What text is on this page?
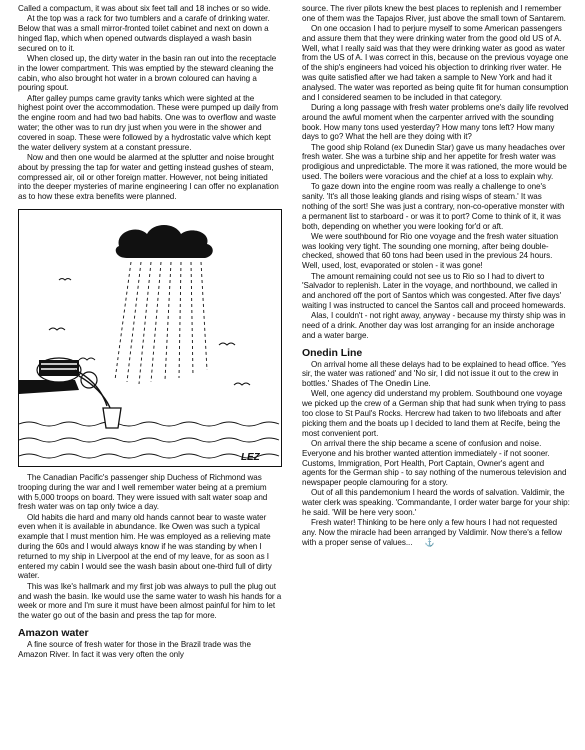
Called a compactum, it was about six feet tall and 18 inches or so wide.

At the top was a rack for two tumblers and a carafe of drinking water. Below that was a small mirror-fronted toilet cabinet and next on down a hinged flap, which when opened outwards displayed a wash basin secured on to it.

When closed up, the dirty water in the basin ran out into the receptacle in the lower compartment. This was emptied by the steward cleaning the cabin, who also brought hot water in a brown coloured can having a pouring spout.

After galley pumps came gravity tanks which were sighted at the highest point over the accommodation. These were pumped up daily from the engine room and had two bad habits. One was to overflow and waste water; the other was to run dry just when you were in the shower and covered in soap. These were followed by a hydrostatic valve which kept the water delivery system at a constant pressure.

Now and then one would be alarmed at the splutter and noise brought about by pressing the tap for water and getting instead gushes of steam, compressed air, oil or other foreign matter. However, not being initiated into the deeper mysteries of marine engineering I can offer no explanation as to how these extra benefits were planned.

LEZ

The Canadian Pacific's passenger ship Duchess of Richmond was trooping during the war and I well remember water being at a premium with 5,000 troops on board. They were issued with salt water soap and fresh water was on tap only twice a day.

Old habits die hard and many old hands cannot bear to waste water even when it is available in abundance. Ike Owen was such a typical example that I must mention him. He was employed as a relieving mate during the 60s and I would always know if he was standing by when I returned to my ship in Liverpool at the end of my leave, for as soon as I entered my cabin I would see the wash basin about one-third full of dirty water.

This was Ike's hallmark and my first job was always to pull the plug out and wash the basin. Ike would use the same water to wash his hands for a week or more and I'm sure it must have been almost painful for him to let the water go out of the basin and press the tap for more.

Amazon water

A fine source of fresh water for those in the Brazil trade was the Amazon River. In fact it was very often the only

source. The river pilots knew the best places to replenish and I remember one of them was the Tapajos River, just above the small town of Santarem.

On one occasion I had to perjure myself to some American passengers and assure them that they were drinking water from the good old US of A. Well, what I really said was that they were drinking water as good as water from the US of A. I was correct in this, because on the previous voyage one of the ship's engineers had voiced his objection to drinking river water. He was quite satisfied after we had taken a sample to New York and had it analysed. The water was reported as being quite fit for human consumption and I considered seamen to be included in that category.

During a long passage with fresh water problems one's daily life revolved around the awful moment when the carpenter arrived with the sounding book. How many tons used yesterday? How many tons left? How many days to go? What the hell are they doing with it?

The good ship Roland (ex Dunedin Star) gave us many headaches over fresh water. She was a turbine ship and her appetite for fresh water was prodigious and unpredictable. The more it was rationed, the more would be used. The boilers were voracious and the chief at a loss to explain why.

To gaze down into the engine room was really a challenge to one's sanity. 'It's all those leaking glands and rising wisps of steam.' It was nothing of the sort! She was just a contrary, non-co-operative monster with a permanent list to starboard - or was it to port? Come to think of it, it was both, depending on whether you were looking for'd or aft.

We were southbound for Rio one voyage and the fresh water situation was looking very tight. The sounding one morning, after being double-checked, showed that 60 tons had been used in the previous 24 hours. Well, used, lost, evaporated or stolen - it was gone!

The amount remaining could not see us to Rio so I had to divert to 'Salvador to replenish. Later in the voyage, and northbound, we called in and anchored off the port of Santos which was congested. After five days' waiting I was instructed to cancel the Santos call and proceed homewards.

Alas, I couldn't - not right away, anyway - because my thirsty ship was in need of a drink. Another day was lost arranging for an inside anchorage and a water barge.

Onedin Line

On arrival home all these delays had to be explained to head office. 'Yes sir, the water was rationed' and 'No sir, I did not issue it out to the crew in bottles.' Shades of The Onedin Line.

Well, one agency did understand my problem. Southbound one voyage we picked up the crew of a German ship that had sunk when trying to pass too close to St Paul's Rocks. Hercrew had taken to two lifeboats and after picking them and the boats up I decided to land them at Recife, being the most convenient port.

On arrival there the ship became a scene of confusion and noise. Everyone and his brother wanted attention immediately - if not sooner. Customs, Immigration, Port Health, Port Captain, Owner's agent and agents for the German ship - to say nothing of the numerous television and newspaper people clamouring for a story.

Out of all this pandemonium I heard the words of salvation. Valdimir, the water clerk was speaking. 'Commandante, I order water barge for your ship: he said. 'Will be here very soon.'

Fresh water! Thinking to be here only a few hours I had not requested any. Now the miracle had been arranged by Valdimir. Now there's a fellow with a proper sense of values... ⚓
